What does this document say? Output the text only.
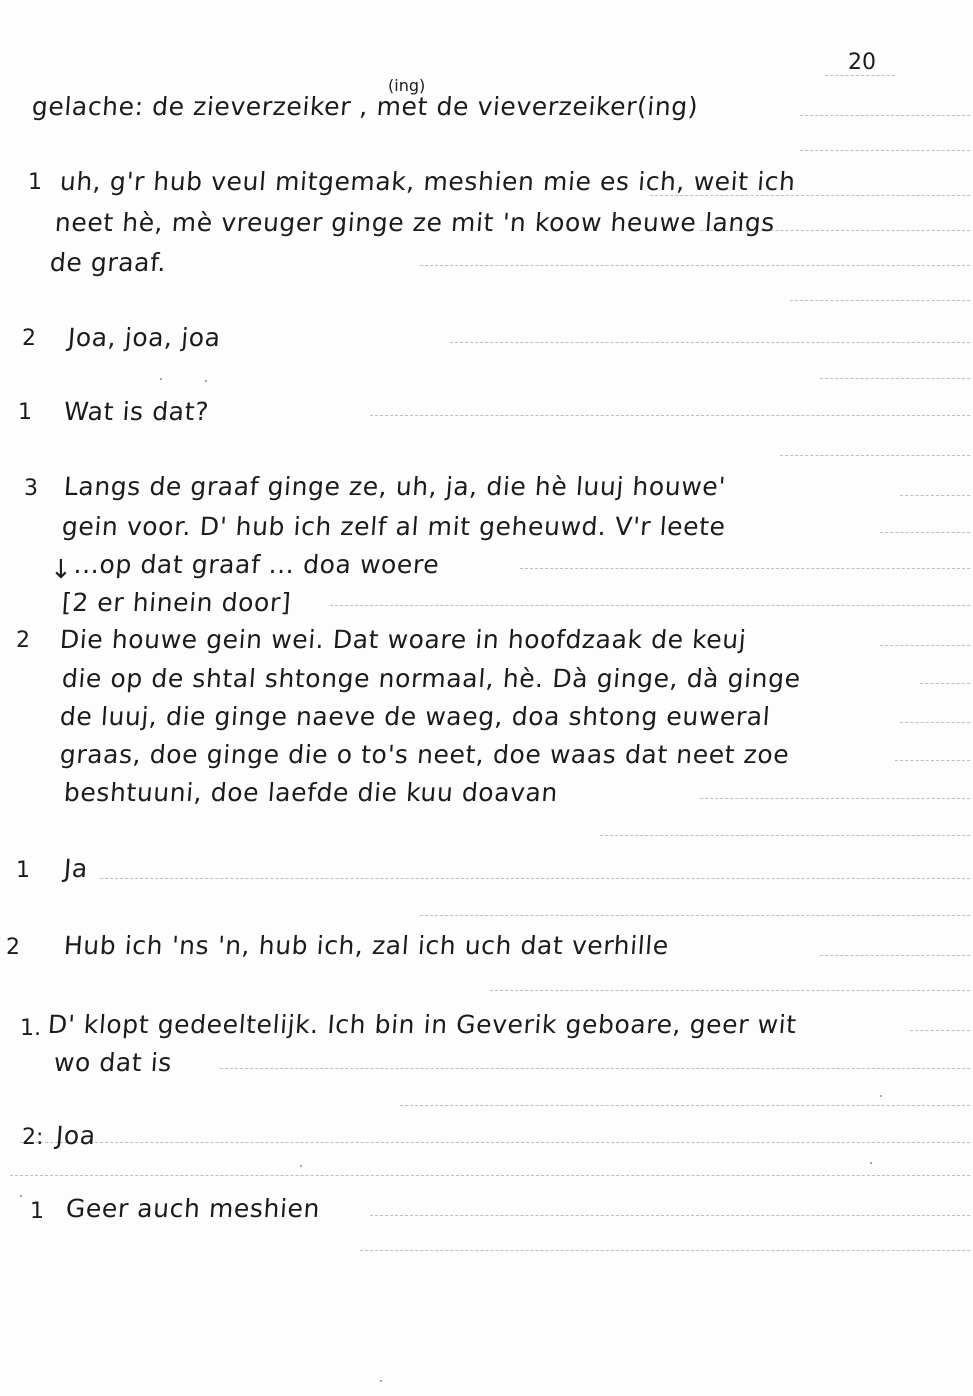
20
(ing)
gelache: de zieverzeiker , met de vieverzeiker(ing)
1 uh, g'r hub veul mitgemak, meshien mie es ich, weit ich
neet hè, mè vreuger ginge ze mit 'n koow heuwe langs
de graaf.
2 Joa, joa, joa
1 Wat is dat?
3 Langs de graaf ginge ze, uh, ja, die hè luuj houwe'
gein voor. D' hub ich zelf al mit geheuwd. V'r leete
↓ ...op dat graaf ... doa woere
[2 er hinein door]
2 Die houwe gein wei. Dat woare in hoofdzaak de keuj
die op de shtal shtonge normaal, hè. Dà ginge, dà ginge
de luuj, die ginge naeve de waeg, doa shtong euweral
graas, doe ginge die o to's neet, doe waas dat neet zoe
beshtuuni, doe laefde die kuu doavan
1 Ja
2 Hub ich 'ns 'n, hub ich, zal ich uch dat verhille
1. D' klopt gedeeltelijk. Ich bin in Geverik geboare, geer wit
wo dat is
2: Joa
1 Geer auch meshien
